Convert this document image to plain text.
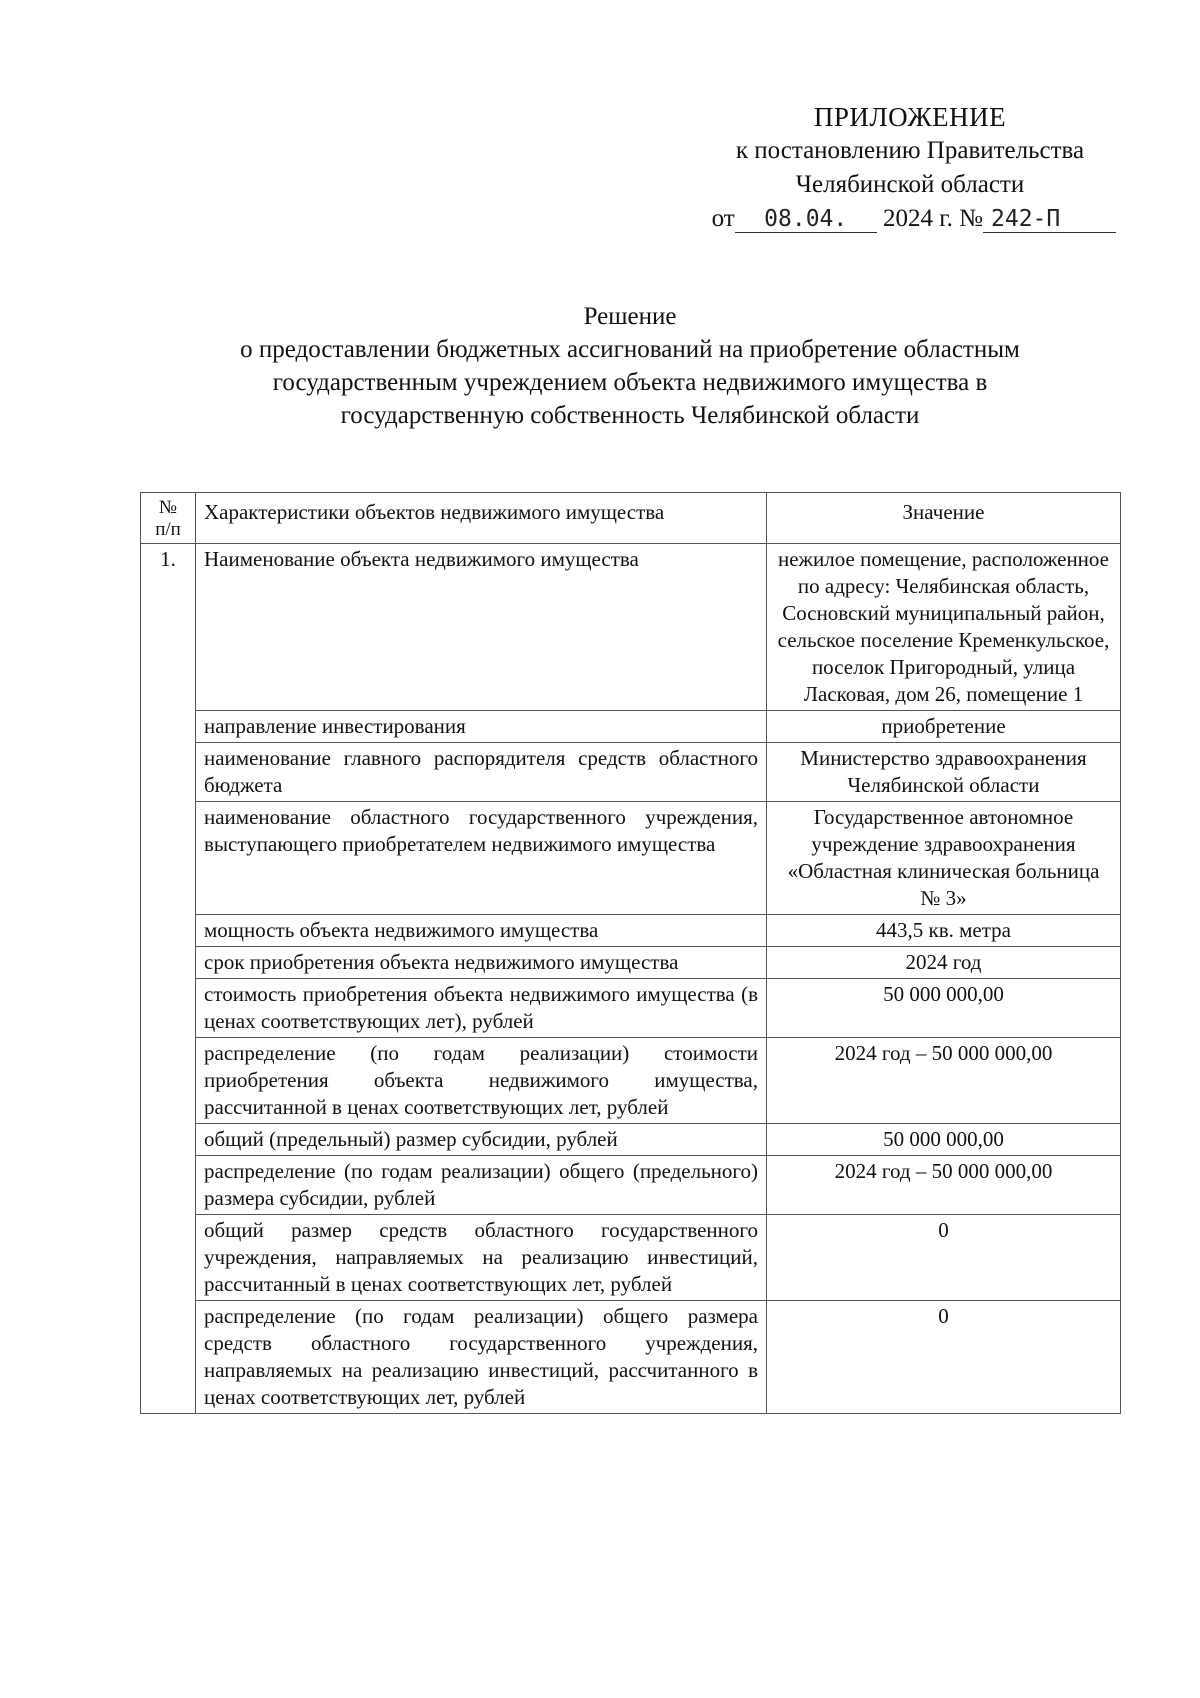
ПРИЛОЖЕНИЕ
к постановлению Правительства
Челябинской области
от 08.04. 2024 г. № 242-П
Решение
о предоставлении бюджетных ассигнований на приобретение областным
государственным учреждением объекта недвижимого имущества в
государственную собственность Челябинской области
№ п/п	Характеристики объектов недвижимого имущества	Значение
1.	Наименование объекта недвижимого имущества	нежилое помещение, расположенное по адресу: Челябинская область, Сосновский муниципальный район, сельское поселение Кременкульское, поселок Пригородный, улица Ласковая, дом 26, помещение 1
	направление инвестирования	приобретение
	наименование главного распорядителя средств областного бюджета	Министерство здравоохранения Челябинской области
	наименование областного государственного учреждения, выступающего приобретателем недвижимого имущества	Государственное автономное учреждение здравоохранения «Областная клиническая больница № 3»
	мощность объекта недвижимого имущества	443,5 кв. метра
	срок приобретения объекта недвижимого имущества	2024 год
	стоимость приобретения объекта недвижимого имущества (в ценах соответствующих лет), рублей	50 000 000,00
	распределение (по годам реализации) стоимости приобретения объекта недвижимого имущества, рассчитанной в ценах соответствующих лет, рублей	2024 год – 50 000 000,00
	общий (предельный) размер субсидии, рублей	50 000 000,00
	распределение (по годам реализации) общего (предельного) размера субсидии, рублей	2024 год – 50 000 000,00
	общий размер средств областного государственного учреждения, направляемых на реализацию инвестиций, рассчитанный в ценах соответствующих лет, рублей	0
	распределение (по годам реализации) общего размера средств областного государственного учреждения, направляемых на реализацию инвестиций, рассчитанного в ценах соответствующих лет, рублей	0
